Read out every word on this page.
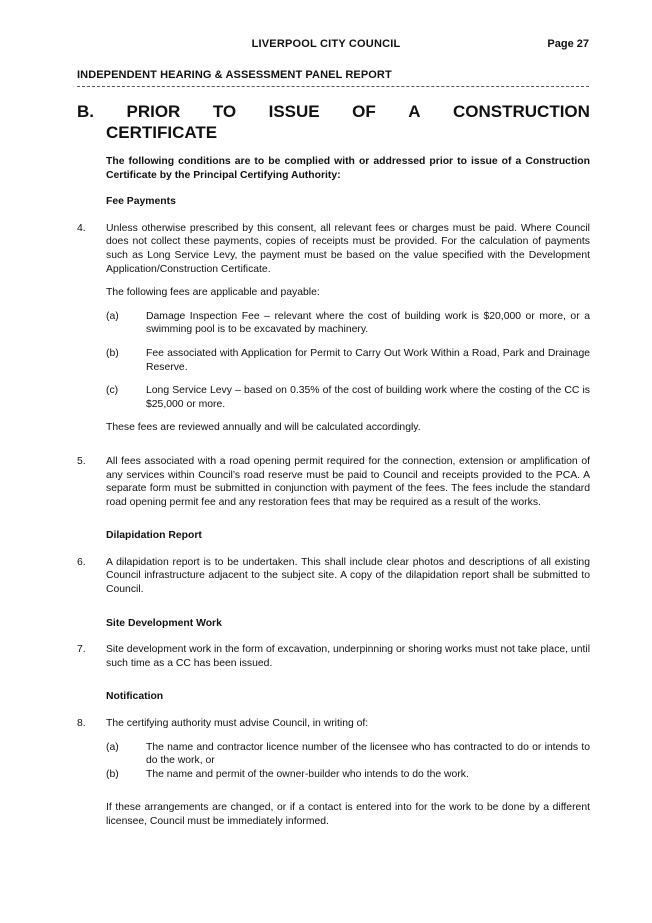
LIVERPOOL CITY COUNCIL	Page 27
INDEPENDENT HEARING & ASSESSMENT PANEL REPORT
B. PRIOR TO ISSUE OF A CONSTRUCTION
CERTIFICATE
The following conditions are to be complied with or addressed prior to issue of a Construction Certificate by the Principal Certifying Authority:
Fee Payments
4.	Unless otherwise prescribed by this consent, all relevant fees or charges must be paid. Where Council does not collect these payments, copies of receipts must be provided. For the calculation of payments such as Long Service Levy, the payment must be based on the value specified with the Development Application/Construction Certificate.

The following fees are applicable and payable:

(a)	Damage Inspection Fee – relevant where the cost of building work is $20,000 or more, or a swimming pool is to be excavated by machinery.
(b)	Fee associated with Application for Permit to Carry Out Work Within a Road, Park and Drainage Reserve.
(c)	Long Service Levy – based on 0.35% of the cost of building work where the costing of the CC is $25,000 or more.

These fees are reviewed annually and will be calculated accordingly.

5.	All fees associated with a road opening permit required for the connection, extension or amplification of any services within Council’s road reserve must be paid to Council and receipts provided to the PCA. A separate form must be submitted in conjunction with payment of the fees. The fees include the standard road opening permit fee and any restoration fees that may be required as a result of the works.

Dilapidation Report
6.	A dilapidation report is to be undertaken. This shall include clear photos and descriptions of all existing Council infrastructure adjacent to the subject site. A copy of the dilapidation report shall be submitted to Council.

Site Development Work
7.	Site development work in the form of excavation, underpinning or shoring works must not take place, until such time as a CC has been issued.

Notification
8.	The certifying authority must advise Council, in writing of:

(a)	The name and contractor licence number of the licensee who has contracted to do or intends to do the work, or
(b)	The name and permit of the owner-builder who intends to do the work.
If these arrangements are changed, or if a contact is entered into for the work to be done by a different licensee, Council must be immediately informed.
